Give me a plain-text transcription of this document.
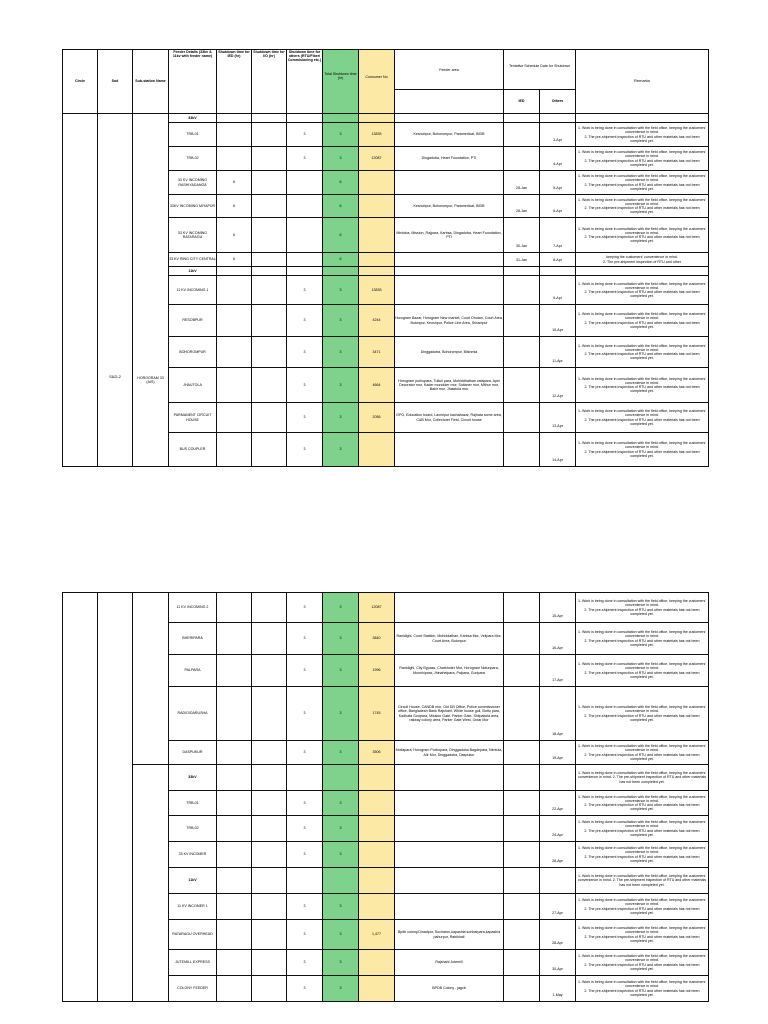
Circle	Snd	Sub-station Name	Feeder Details (33kv & 11kv with feeder name)	Shutdown time for IED (hr)	Shutdown time for I/O (hr)	Shutdown time for others (RTU/Fiber/ Commisioning etc.)	Total Shutdown time (hr)	Consumer No	Feeder area	Tentative Schedule Date for Shutdown		Remarks
										IED	Others	
	S&D-2	HOROGRAM 33 (AIS)	33kV									
			TRB-01			3	3	13835	Keshobpur, Bohorompur, Paramedical, BIDB		3-Apr	1. Work is being done in consultation with the field office, keeping the customers' convenience in mind.
2. The pre-shipment inspection of RTU and other materials has not been completed yet.
			TRB-02			3	3	12087	Dingadoba, Heart Foundation, PTI		4-Apr	1. Work is being done in consultation with the field office, keeping the customers' convenience in mind.
2. The pre-shipment inspection of RTU and other materials has not been completed yet.
			33 KV INCOMING RASHIYADANGA	6			6			28-Jan	5-Apr	1. Work is being done in consultation with the field office, keeping the customers' convenience in mind.
2. The pre-shipment inspection of RTU and other materials has not been completed yet.
			33KV INCOMING MIYAPUR	6			6		Keshobpur, Bohorompur, Paramedical, BIDB	28-Jan	6-Apr	1. Work is being done in consultation with the field office, keeping the customers' convenience in mind.
2. The pre-shipment inspection of RTU and other materials has not been completed yet.
			33 KV INCOMING RATARAGU	6			6		Mirdoba, Mission, Rajpara, Karbsa, Dingadoba, Heart Foundation, PTI	30-Jan	7-Apr	1. Work is being done in consultation with the field office, keeping the customers' convenience in mind.
2. The pre-shipment inspection of RTU and other materials has not been completed yet.
			33 KV RING CITY CENTRAL	6			6			31-Jan	8-Apr	keeping the customers' convenience in mind.
2. The pre-shipment inspection of RTU and other
			11kV									
			11 KV INCOMING 1			3	3	13835			9-Apr	1. Work is being done in consultation with the field office, keeping the customers' convenience in mind.
2. The pre-shipment inspection of RTU and other materials has not been completed yet.
			RESOBPUR			3	3	4244	Horogram Bazar, Horogram New market, Court Dhutan, Court Area, Bulonpur, Keoshpur, Police Line Area, Srirampur		10-Apr	1. Work is being done in consultation with the field office, keeping the customers' convenience in mind.
2. The pre-shipment inspection of RTU and other materials has not been completed yet.
			BOHOROMPUR			3	3	3471	Dinggadoba, Bohorompur, Bilshmla		11-Apr	1. Work is being done in consultation with the field office, keeping the customers' convenience in mind.
2. The pre-shipment inspection of RTU and other materials has not been completed yet.
			JHAUTOLA			3	3	4664	Horogram purbopara, Tultuli para, Mohiddhathan vatapara, Apel Decorator mor, Kader mondoler mor, Sultaner mor, Mithur mor, Bakir mor, Jhawtola mor		12-Apr	1. Work is being done in consultation with the field office, keeping the customers' convenience in mind.
2. The pre-shipment inspection of RTU and other materials has not been completed yet.
			PARMANENT CIRCUIT HOUSE			3	3	2056	GPO, Education board, Laxmipur kachabazar, Rajhata some area, C&B Mor, Collectoret Field, Circuit house		13-Apr	1. Work is being done in consultation with the field office, keeping the customers' convenience in mind.
2. The pre-shipment inspection of RTU and other materials has not been completed yet.
			BUS COUPLER			3	3				14-Apr	1. Work is being done in consultation with the field office, keeping the customers' convenience in mind.
2. The pre-shipment inspection of RTU and other materials has not been completed yet.
			11 KV INCOMING 2			3	3	12087			15-Apr	1. Work is being done in consultation with the field office, keeping the customers' convenience in mind.
2. The pre-shipment inspection of RTU and other materials has not been completed yet.
			BHERIPARA			3	3	3840	Ranidighi, Court Stattion, Mohiddathan, Karbsa Mor, Velipara Mor, Court Area, Bulonpur		16-Apr	1. Work is being done in consultation with the field office, keeping the customers' convenience in mind.
2. The pre-shipment inspection of RTU and other materials has not been completed yet.
			PALPARA			3	3	1996	Ranidighi, City Bypass, Charkhuter Mor, Horogram Notunpara, Munshipara, Jhinahelpara, Palpara, Guripara		17-Apr	1. Work is being done in consultation with the field office, keeping the customers' convenience in mind.
2. The pre-shipment inspection of RTU and other materials has not been completed yet.
			RADIO/DARUSHA			3	3	1745	Circuit House, CANDB mor, Old DB Office, Police commissioner office, Bangladesh Bank Rajshahi, White house goli, Bottu para, Kadhata Goupara, Mission Gate, Parker Gate, Shilpakola area, railway colony area, Parker Gate West, Octar Mor		18-Apr	1. Work is being done in consultation with the field office, keeping the customers' convenience in mind.
2. The pre-shipment inspection of RTU and other materials has not been completed yet.
			DASPUKUR			3	3	3506	Mollapara, Horogram Purbopara, Dinggadoba Bagdepara, Nimtola, Alir Mor, Dinggadoba, Daspukur		19-Apr	1. Work is being done in consultation with the field office, keeping the customers' convenience in mind.
2. The pre-shipment inspection of RTU and other materials has not been completed yet.
			33kV									1. Work is being done in consultation with the field office, keeping the customers' convenience in mind. 2. The pre-shipment inspection of RTU and other materials has not been completed yet.
			TRB-01			3	3				22-Apr	1. Work is being done in consultation with the field office, keeping the customers' convenience in mind.
2. The pre-shipment inspection of RTU and other materials has not been completed yet.
			TRB-02			3	3				24-Apr	1. Work is being done in consultation with the field office, keeping the customers' convenience in mind.
2. The pre-shipment inspection of RTU and other materials has not been completed yet.
			33 KV INCOMER			3	3				26-Apr	1. Work is being done in consultation with the field office, keeping the customers' convenience in mind.
2. The pre-shipment inspection of RTU and other materials has not been completed yet.
			11kV									1. Work is being done in consultation with the field office, keeping the customers' convenience in mind. 2. The pre-shipment inspection of RTU and other materials has not been completed yet.
			11 KV INCOMER 1			3	3				27-Apr	1. Work is being done in consultation with the field office, keeping the customers' convenience in mind.
2. The pre-shipment inspection of RTU and other materials has not been completed yet.
			RATARAGU OVERHEAD			3	3	1,477	Bpdb colony,Dinadpur, Sucharon,kapashia sonbarpara,kapashia pahurpur, Rabikhali		28-Apr	1. Work is being done in consultation with the field office, keeping the customers' convenience in mind.
2. The pre-shipment inspection of RTU and other materials has not been completed yet.
			JUTEMILL EXPRESS			3	3		Rajshahi Jutemill		30-Apr	1. Work is being done in consultation with the field office, keeping the customers' convenience in mind.
2. The pre-shipment inspection of RTU and other materials has not been completed yet.
			COLONY FEEDER			3	3		BPDB Colony , jagcb		1-May	1. Work is being done in consultation with the field office, keeping the customers' convenience in mind.
2. The pre-shipment inspection of RTU and other materials has not been completed yet.
